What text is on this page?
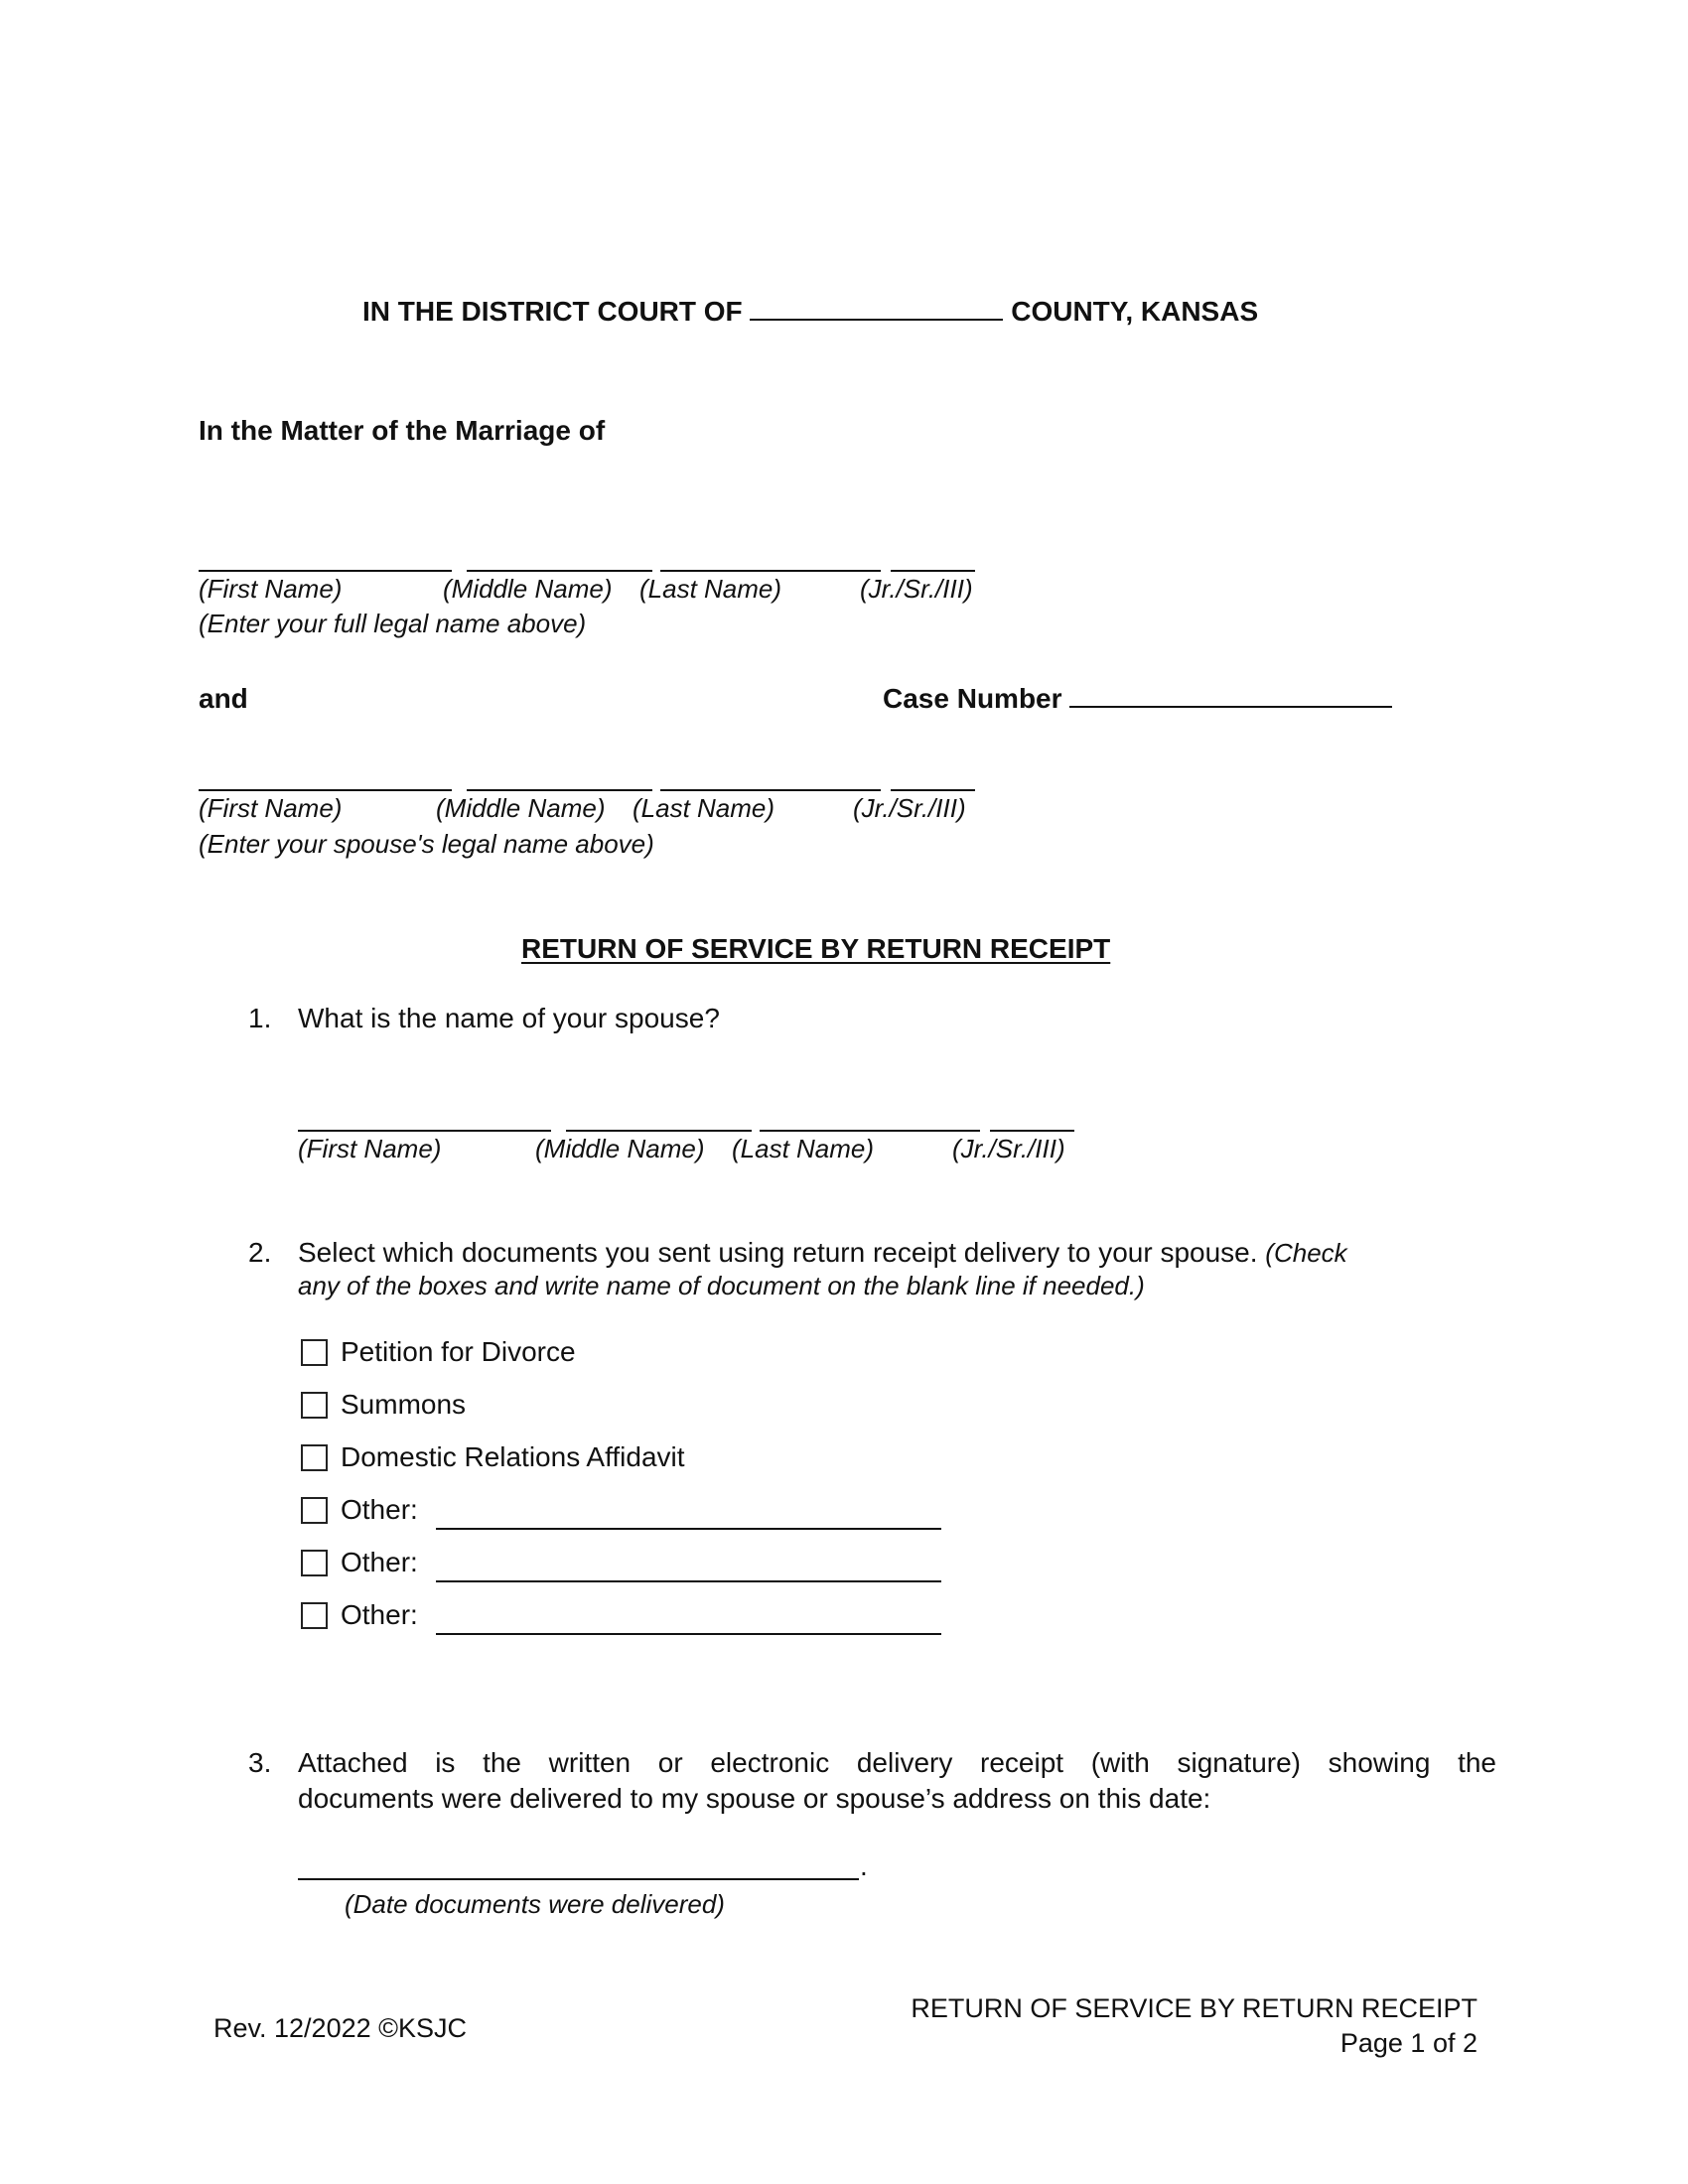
IN THE DISTRICT COURT OF	COUNTY, KANSAS
In the Matter of the Marriage of
(First Name)	(Middle Name) (Last Name)	(Jr./Sr./III)
(Enter your full legal name above)
and	Case Number
(First Name)	(Middle Name) (Last Name)	(Jr./Sr./III)
(Enter your spouse's legal name above)
RETURN OF SERVICE BY RETURN RECEIPT
1. What is the name of your spouse?
(First Name)	(Middle Name) (Last Name)	(Jr./Sr./III)
2. Select which documents you sent using return receipt delivery to your spouse. (Check
any of the boxes and write name of document on the blank line if needed.)
Petition for Divorce
Summons
Domestic Relations Affidavit
Other:
Other:
Other:
3. Attached is the written or electronic delivery receipt (with signature) showing the
documents were delivered to my spouse or spouse’s address on this date:
.
(Date documents were delivered)
Rev. 12/2022 ©KSJC
RETURN OF SERVICE BY RETURN RECEIPT
Page 1 of 2
